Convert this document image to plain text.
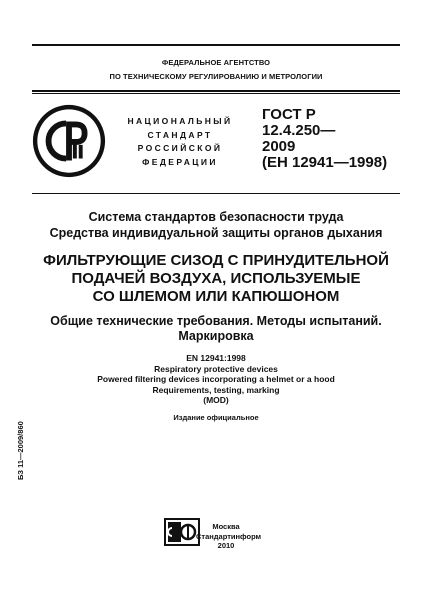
ФЕДЕРАЛЬНОЕ АГЕНТСТВО
ПО ТЕХНИЧЕСКОМУ РЕГУЛИРОВАНИЮ И МЕТРОЛОГИИ
НАЦИОНАЛЬНЫЙ
СТАНДАРТ
РОССИЙСКОЙ
ФЕДЕРАЦИИ
ГОСТ Р
12.4.250—
2009
(ЕН 12941—1998)
Система стандартов безопасности труда
Средства индивидуальной защиты органов дыхания
ФИЛЬТРУЮЩИЕ СИЗОД С ПРИНУДИТЕЛЬНОЙ
ПОДАЧЕЙ ВОЗДУХА, ИСПОЛЬЗУЕМЫЕ
СО ШЛЕМОМ ИЛИ КАПЮШОНОМ
Общие технические требования. Методы испытаний.
Маркировка
EN 12941:1998
Respiratory protective devices
Powered filtering devices incorporating a helmet or a hood
Requirements, testing, marking
(MOD)
Издание официальное
БЗ 11—2009/860
Москва
Стандартинформ
2010
